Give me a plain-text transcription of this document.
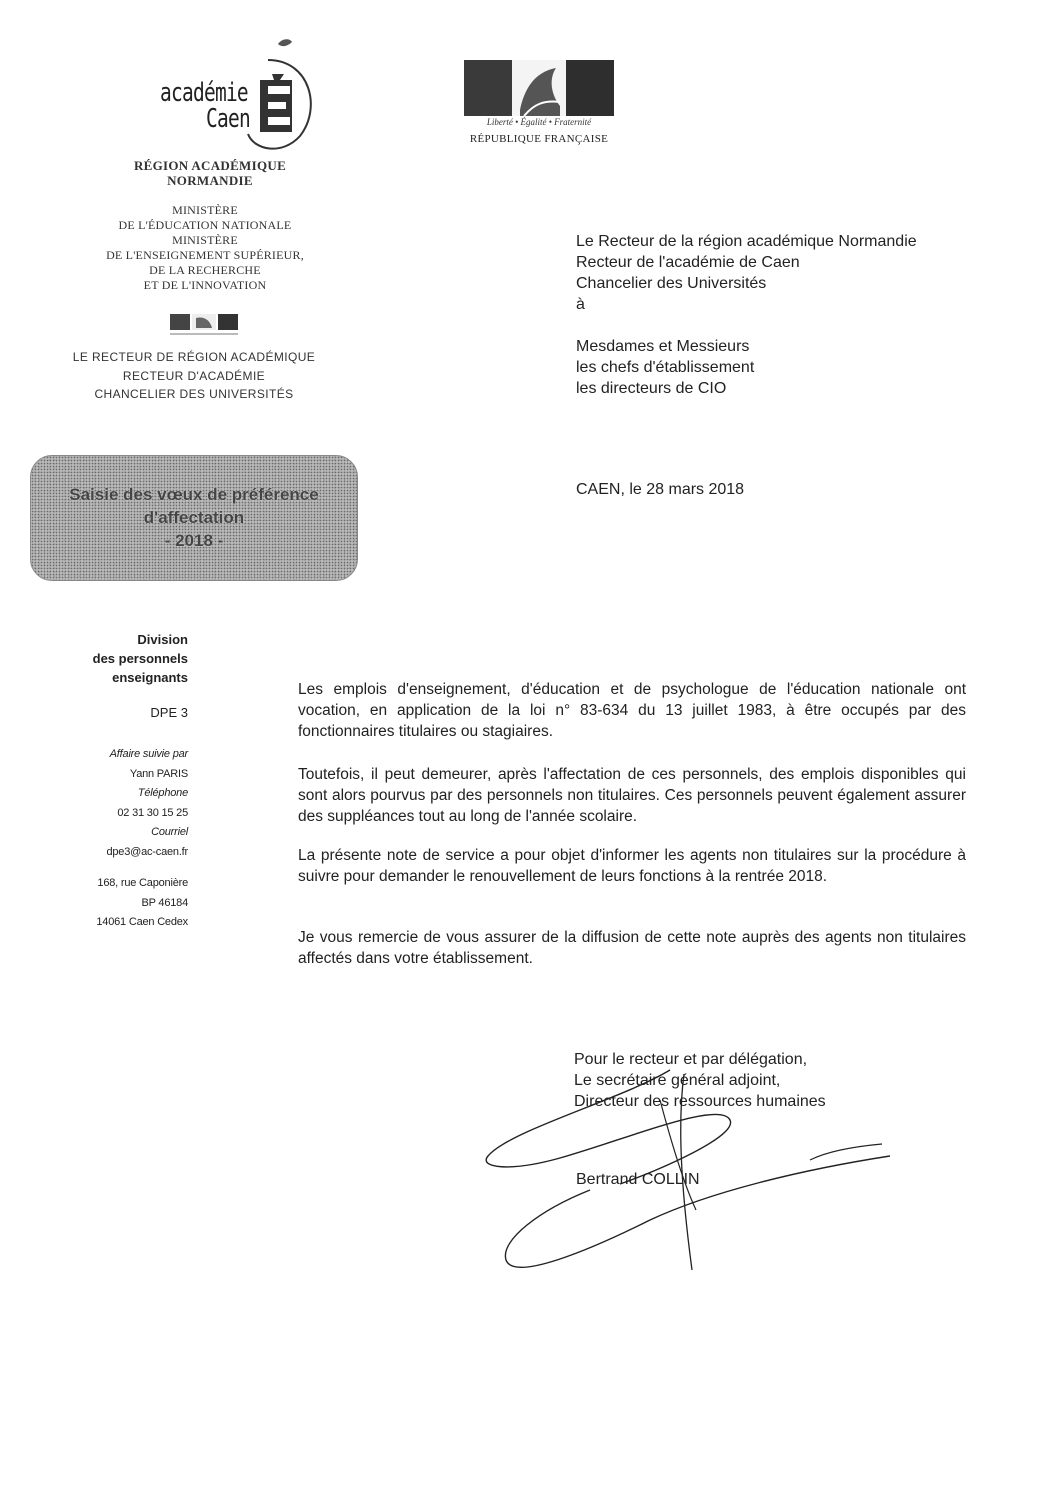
académie
Caen
RÉGION ACADÉMIQUE
NORMANDIE
MINISTÈRE
DE L'ÉDUCATION NATIONALE
MINISTÈRE
DE L'ENSEIGNEMENT SUPÉRIEUR,
DE LA RECHERCHE
ET DE L'INNOVATION
LE RECTEUR DE RÉGION ACADÉMIQUE
RECTEUR D'ACADÉMIE
CHANCELIER DES UNIVERSITÉS
Liberté • Égalité • Fraternité
RÉPUBLIQUE FRANÇAISE
Le Recteur de la région académique Normandie
Recteur de l'académie de Caen
Chancelier des Universités
à
Mesdames et Messieurs
les chefs d'établissement
les directeurs de CIO
CAEN, le 28 mars 2018
Saisie des vœux de préférence
d'affectation
- 2018 -
Division
des personnels
enseignants
DPE 3
Affaire suivie par
Yann PARIS
Téléphone
02 31 30 15 25
Courriel
dpe3@ac-caen.fr
168, rue Caponière
BP 46184
14061 Caen Cedex
Les emplois d'enseignement, d'éducation et de psychologue de l'éducation nationale ont vocation, en application de la loi n° 83-634 du 13 juillet 1983, à être occupés par des fonctionnaires titulaires ou stagiaires.
Toutefois, il peut demeurer, après l'affectation de ces personnels, des emplois disponibles qui sont alors pourvus par des personnels non titulaires. Ces personnels peuvent également assurer des suppléances tout au long de l'année scolaire.
La présente note de service a pour objet d'informer les agents non titulaires sur la procédure à suivre pour demander le renouvellement de leurs fonctions à la rentrée 2018.
Je vous remercie de vous assurer de la diffusion de cette note auprès des agents non titulaires affectés dans votre établissement.
Pour le recteur et par délégation,
Le secrétaire général adjoint,
Directeur des ressources humaines
Bertrand COLLIN
